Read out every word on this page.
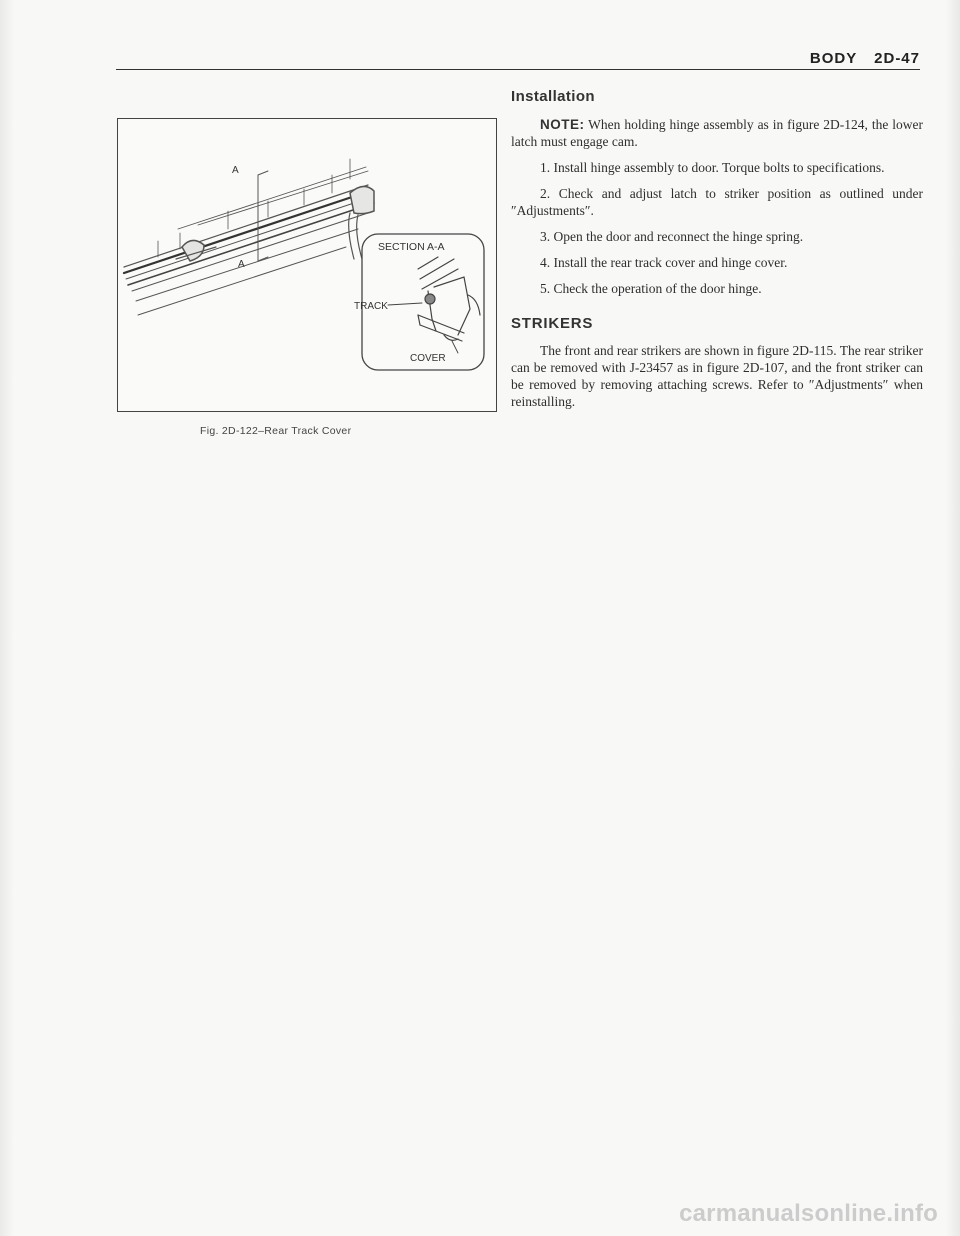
BODY 2D-47
A
A
SECTION A-A
TRACK
COVER
Fig. 2D-122–Rear Track Cover
Installation

NOTE: When holding hinge assembly as in figure 2D-124, the lower latch must engage cam.

1. Install hinge assembly to door. Torque bolts to specifications.

2. Check and adjust latch to striker position as outlined under ″Adjustments″.

3. Open the door and reconnect the hinge spring.

4. Install the rear track cover and hinge cover.

5. Check the operation of the door hinge.

STRIKERS

The front and rear strikers are shown in figure 2D-115. The rear striker can be removed with J-23457 as in figure 2D-107, and the front striker can be removed by removing attaching screws. Refer to ″Adjustments″ when reinstalling.

carmanualsonline.info
